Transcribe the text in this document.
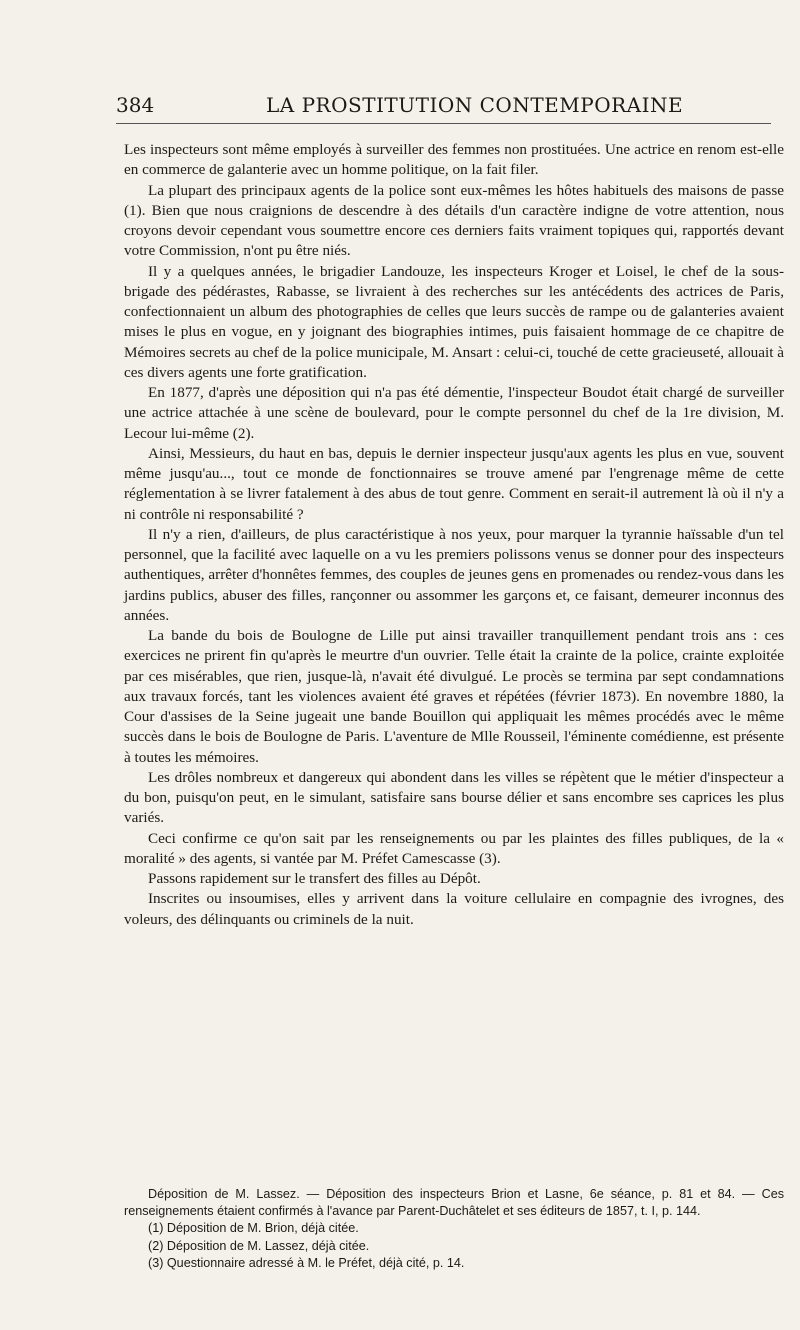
384	LA PROSTITUTION CONTEMPORAINE

Les inspecteurs sont même employés à surveiller des femmes non prostituées. Une actrice en renom est-elle en commerce de galanterie avec un homme politique, on la fait filer.

La plupart des principaux agents de la police sont eux-mêmes les hôtes habituels des maisons de passe (1). Bien que nous craignions de descendre à des détails d'un caractère indigne de votre attention, nous croyons devoir cependant vous soumettre encore ces derniers faits vraiment topiques qui, rapportés devant votre Commission, n'ont pu être niés.

Il y a quelques années, le brigadier Landouze, les inspecteurs Kroger et Loisel, le chef de la sous-brigade des pédérastes, Rabasse, se livraient à des recherches sur les antécédents des actrices de Paris, confectionnaient un album des photographies de celles que leurs succès de rampe ou de galanteries avaient mises le plus en vogue, en y joignant des biographies intimes, puis faisaient hommage de ce chapitre de Mémoires secrets au chef de la police municipale, M. Ansart : celui-ci, touché de cette gracieuseté, allouait à ces divers agents une forte gratification.

En 1877, d'après une déposition qui n'a pas été démentie, l'inspecteur Boudot était chargé de surveiller une actrice attachée à une scène de boulevard, pour le compte personnel du chef de la 1re division, M. Lecour lui-même (2).

Ainsi, Messieurs, du haut en bas, depuis le dernier inspecteur jusqu'aux agents les plus en vue, souvent même jusqu'au..., tout ce monde de fonctionnaires se trouve amené par l'engrenage même de cette réglementation à se livrer fatalement à des abus de tout genre. Comment en serait-il autrement là où il n'y a ni contrôle ni responsabilité ?

Il n'y a rien, d'ailleurs, de plus caractéristique à nos yeux, pour marquer la tyrannie haïssable d'un tel personnel, que la facilité avec laquelle on a vu les premiers polissons venus se donner pour des inspecteurs authentiques, arrêter d'honnêtes femmes, des couples de jeunes gens en promenades ou rendez-vous dans les jardins publics, abuser des filles, rançonner ou assommer les garçons et, ce faisant, demeurer inconnus des années.

La bande du bois de Boulogne de Lille put ainsi travailler tranquillement pendant trois ans : ces exercices ne prirent fin qu'après le meurtre d'un ouvrier. Telle était la crainte de la police, crainte exploitée par ces misérables, que rien, jusque-là, n'avait été divulgué. Le procès se termina par sept condamnations aux travaux forcés, tant les violences avaient été graves et répétées (février 1873). En novembre 1880, la Cour d'assises de la Seine jugeait une bande Bouillon qui appliquait les mêmes procédés avec le même succès dans le bois de Boulogne de Paris. L'aventure de Mlle Rousseil, l'éminente comédienne, est présente à toutes les mémoires.

Les drôles nombreux et dangereux qui abondent dans les villes se répètent que le métier d'inspecteur a du bon, puisqu'on peut, en le simulant, satisfaire sans bourse délier et sans encombre ses caprices les plus variés.

Ceci confirme ce qu'on sait par les renseignements ou par les plaintes des filles publiques, de la « moralité » des agents, si vantée par M. Préfet Camescasse (3).

Passons rapidement sur le transfert des filles au Dépôt.

Inscrites ou insoumises, elles y arrivent dans la voiture cellulaire en compagnie des ivrognes, des voleurs, des délinquants ou criminels de la nuit.

Déposition de M. Lassez. — Déposition des inspecteurs Brion et Lasne, 6e séance, p. 81 et 84. — Ces renseignements étaient confirmés à l'avance par Parent-Duchâtelet et ses éditeurs de 1857, t. I, p. 144.

(1) Déposition de M. Brion, déjà citée.

(2) Déposition de M. Lassez, déjà citée.

(3) Questionnaire adressé à M. le Préfet, déjà cité, p. 14.
